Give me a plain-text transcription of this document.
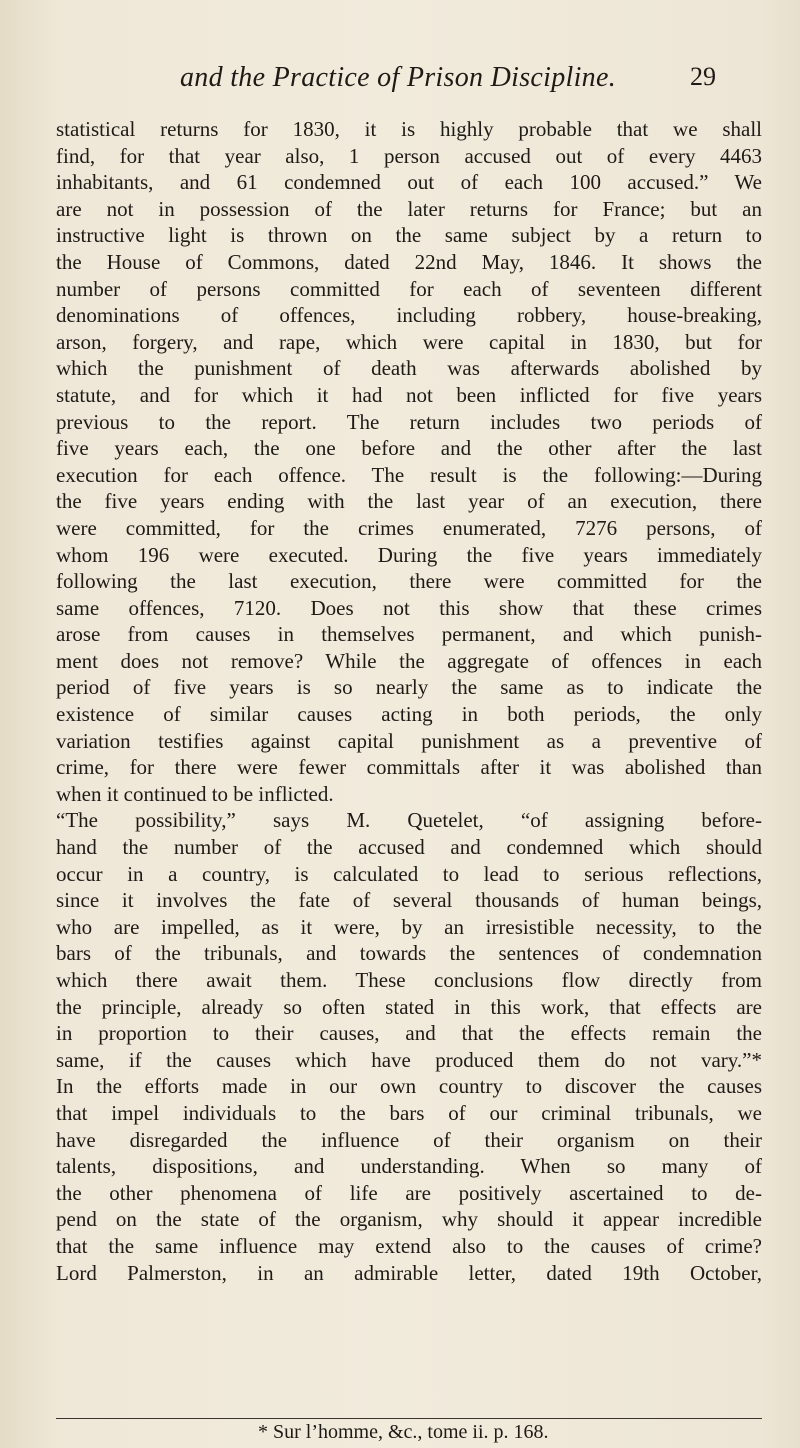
and the Practice of Prison Discipline.	29
statistical returns for 1830, it is highly probable that we shall
find, for that year also, 1 person accused out of every 4463
inhabitants, and 61 condemned out of each 100 accused.” We
are not in possession of the later returns for France; but an
instructive light is thrown on the same subject by a return to
the House of Commons, dated 22nd May, 1846. It shows the
number of persons committed for each of seventeen different
denominations of offences, including robbery, house-breaking,
arson, forgery, and rape, which were capital in 1830, but for
which the punishment of death was afterwards abolished by
statute, and for which it had not been inflicted for five years
previous to the report. The return includes two periods of
five years each, the one before and the other after the last
execution for each offence. The result is the following:—During
the five years ending with the last year of an execution, there
were committed, for the crimes enumerated, 7276 persons, of
whom 196 were executed. During the five years immediately
following the last execution, there were committed for the
same offences, 7120. Does not this show that these crimes
arose from causes in themselves permanent, and which punish-
ment does not remove? While the aggregate of offences in each
period of five years is so nearly the same as to indicate the
existence of similar causes acting in both periods, the only
variation testifies against capital punishment as a preventive of
crime, for there were fewer committals after it was abolished than
when it continued to be inflicted.
“The possibility,” says M. Quetelet, “of assigning before-
hand the number of the accused and condemned which should
occur in a country, is calculated to lead to serious reflections,
since it involves the fate of several thousands of human beings,
who are impelled, as it were, by an irresistible necessity, to the
bars of the tribunals, and towards the sentences of condemnation
which there await them. These conclusions flow directly from
the principle, already so often stated in this work, that effects are
in proportion to their causes, and that the effects remain the
same, if the causes which have produced them do not vary.”*
In the efforts made in our own country to discover the causes
that impel individuals to the bars of our criminal tribunals, we
have disregarded the influence of their organism on their
talents, dispositions, and understanding. When so many of
the other phenomena of life are positively ascertained to de-
pend on the state of the organism, why should it appear incredible
that the same influence may extend also to the causes of crime?
Lord Palmerston, in an admirable letter, dated 19th October,
* Sur l’homme, &c., tome ii. p. 168.
